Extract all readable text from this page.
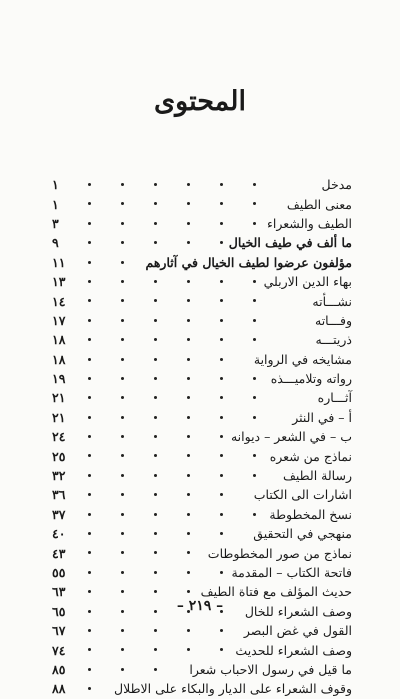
المحتوى
١	مدخل
١	معنى الطيف
٣	الطيف والشعراء
٩	ما ألف في طيف الخيال
١١	مؤلفون عرضوا لطيف الخيال في آثارهم
١٣	بهاء الدين الاربلي
١٤	نشـــأته
١٧	وفـــاته
١٨	ذريتـــه
١٨	مشايخه في الرواية
١٩	رواته وتلاميـــذه
٢١	آثـــاره
٢١	أ – في النثر
٢٤	ب – في الشعر – ديوانه
٢٥	نماذج من شعره
٣٢	رسالة الطيف
٣٦	اشارات الى الكتاب
٣٧	نسخ المخطوطة
٤٠	منهجي في التحقيق
٤٣	نماذج من صور المخطوطات
٥٥	فاتحة الكتاب – المقدمة
٦٣	حديث المؤلف مع فتاة الطيف
٦٥	وصف الشعراء للخال
٦٧	القول في غض البصر
٧٤	وصف الشعراء للحديث
٨٥	ما قيل في رسول الاحباب شعرا
٨٨	وقوف الشعراء على الديار والبكاء على الاطلال
– ٢١٩ –
